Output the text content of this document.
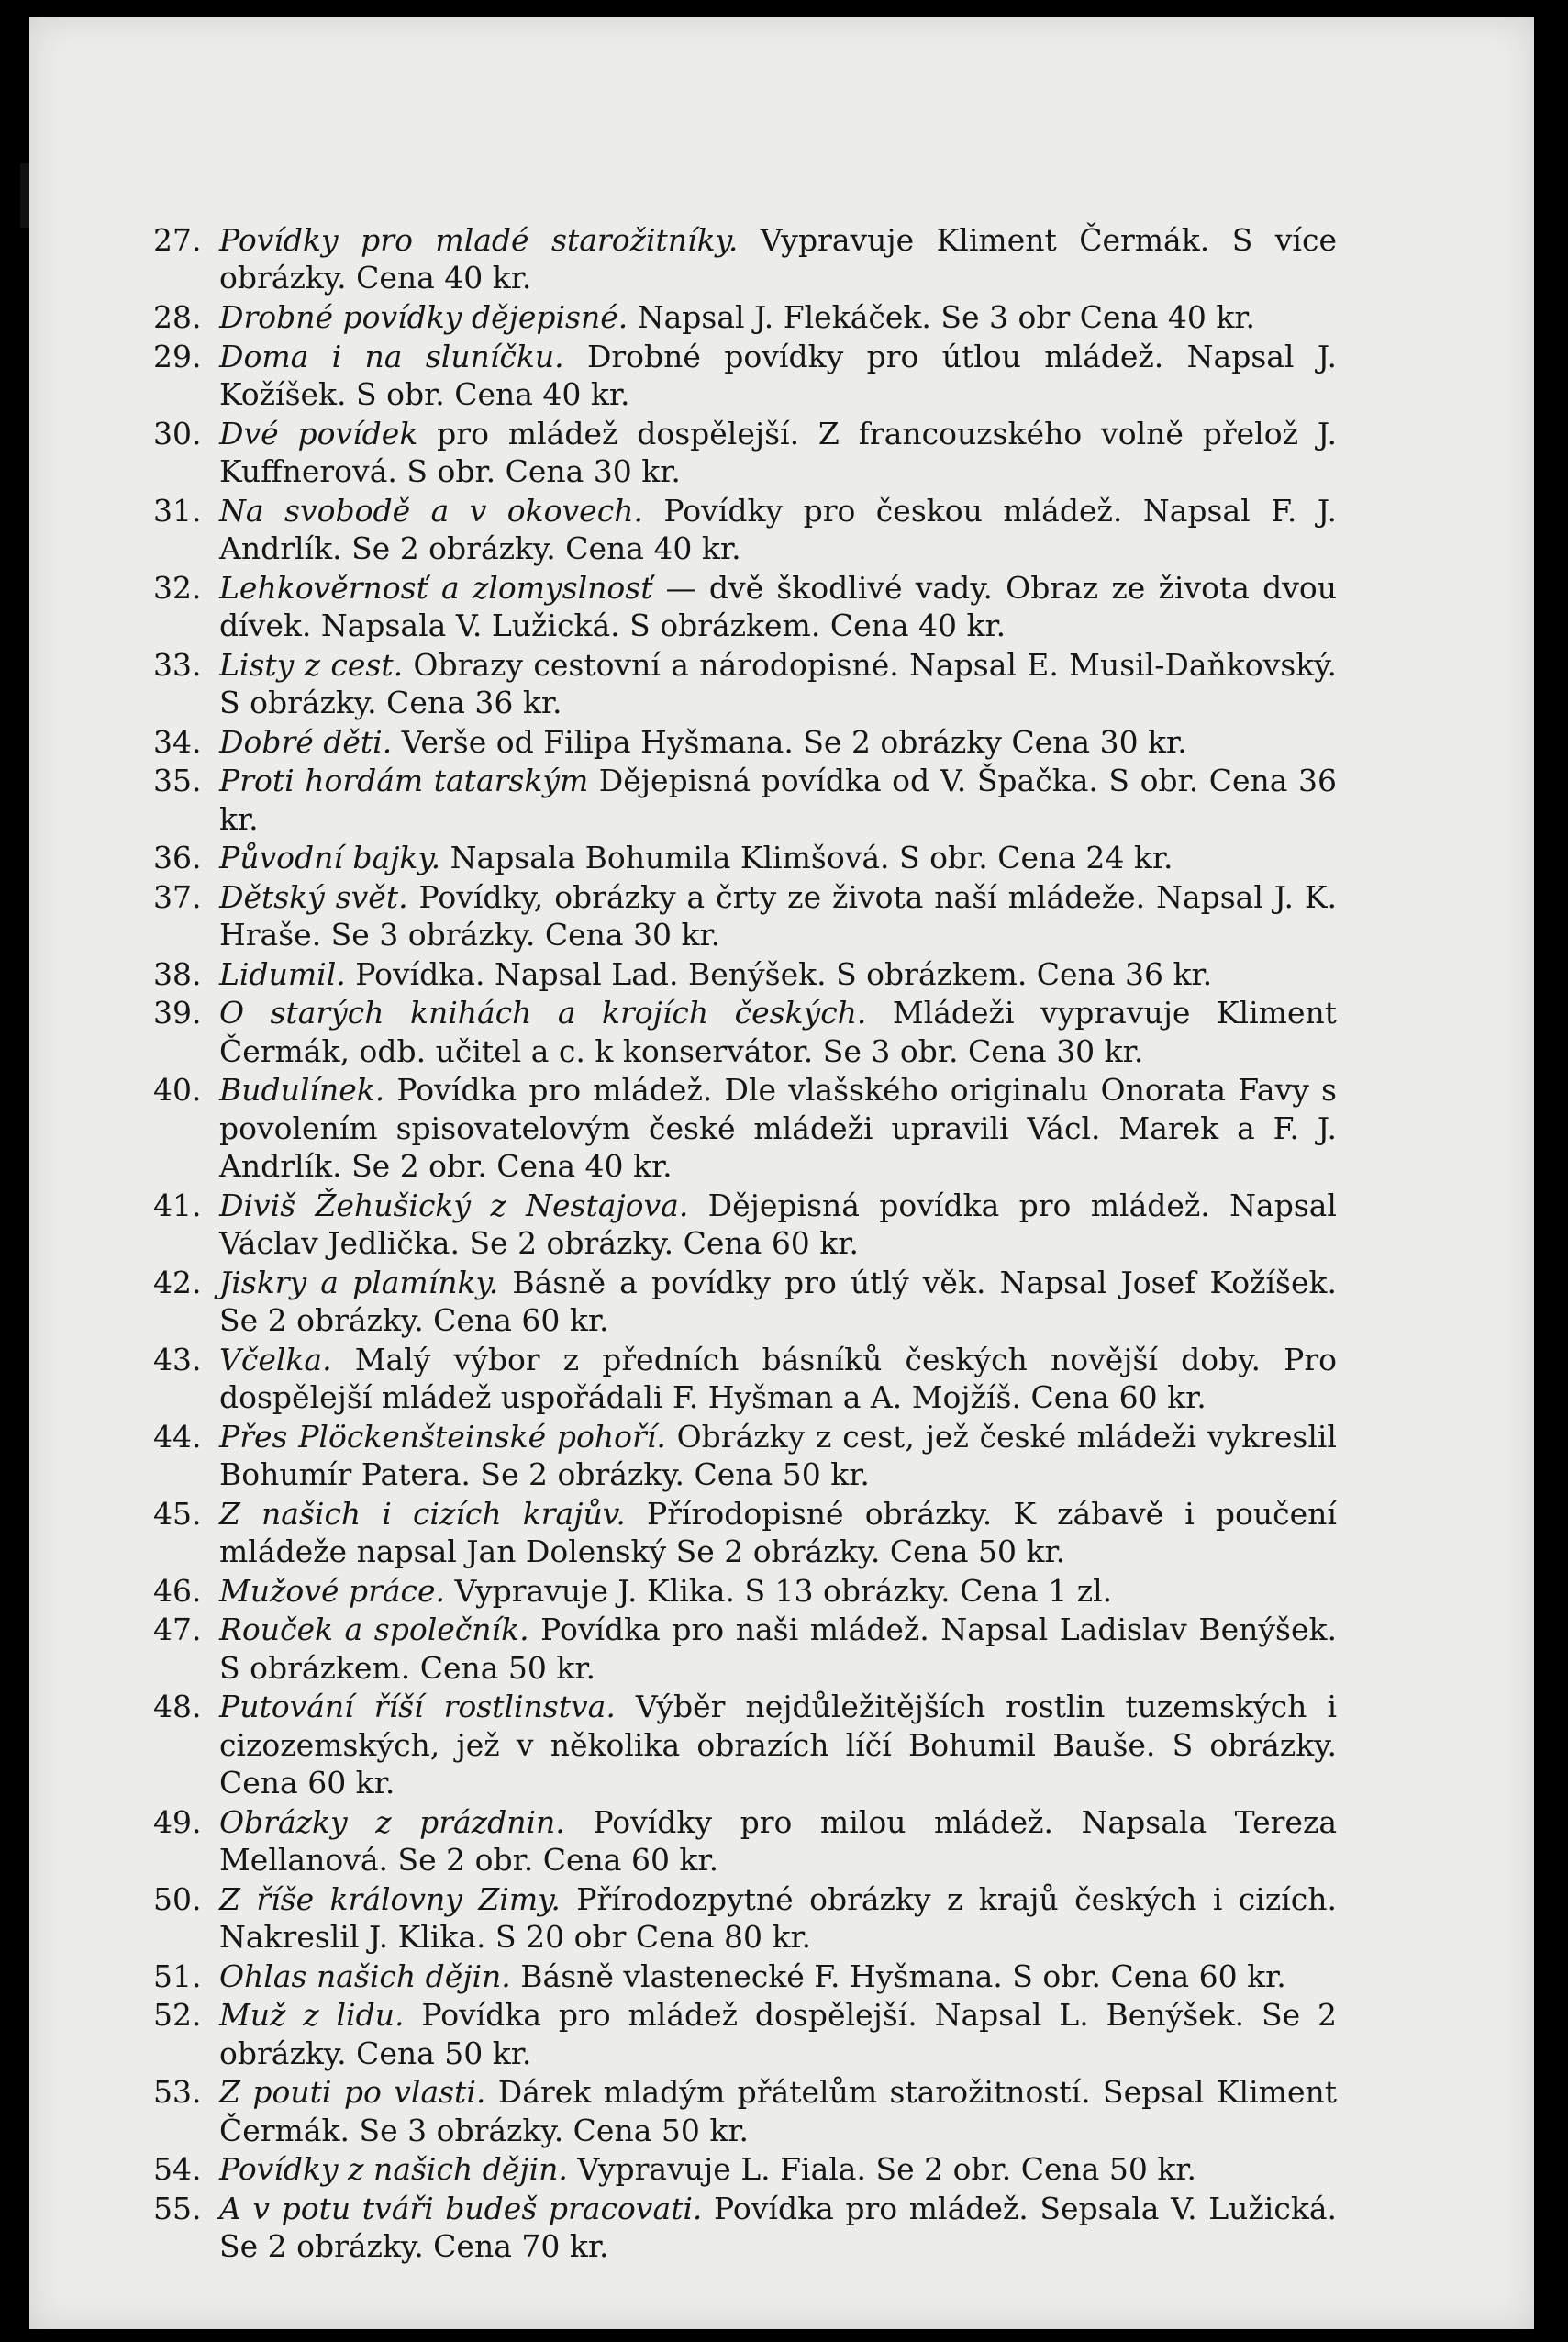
27. Povídky pro mladé starožitníky. Vypravuje Kliment Čermák. S více obrázky. Cena 40 kr.
28. Drobné povídky dějepisné. Napsal J. Flekáček. Se 3 obr Cena 40 kr.
29. Doma i na sluníčku. Drobné povídky pro útlou mládež. Napsal J. Kožíšek. S obr. Cena 40 kr.
30. Dvé povídek pro mládež dospělejší. Z francouzského volně přelož J. Kuffnerová. S obr. Cena 30 kr.
31. Na svobodě a v okovech. Povídky pro českou mládež. Napsal F. J. Andrlík. Se 2 obrázky. Cena 40 kr.
32. Lehkověrnosť a zlomyslnosť — dvě škodlivé vady. Obraz ze života dvou dívek. Napsala V. Lužická. S obrázkem. Cena 40 kr.
33. Listy z cest. Obrazy cestovní a národopisné. Napsal E. Musil-Daňkovský. S obrázky. Cena 36 kr.
34. Dobré děti. Verše od Filipa Hyšmana. Se 2 obrázky Cena 30 kr.
35. Proti hordám tatarským Dějepisná povídka od V. Špačka. S obr. Cena 36 kr.
36. Původní bajky. Napsala Bohumila Klimšová. S obr. Cena 24 kr.
37. Dětský svět. Povídky, obrázky a črty ze života naší mládeže. Napsal J. K. Hraše. Se 3 obrázky. Cena 30 kr.
38. Lidumil. Povídka. Napsal Lad. Benýšek. S obrázkem. Cena 36 kr.
39. O starých knihách a krojích českých. Mládeži vypravuje Kliment Čermák, odb. učitel a c. k konservátor. Se 3 obr. Cena 30 kr.
40. Budulínek. Povídka pro mládež. Dle vlašského originalu Onorata Favy s povolením spisovatelovým české mládeži upravili Václ. Marek a F. J. Andrlík. Se 2 obr. Cena 40 kr.
41. Diviš Žehušický z Nestajova. Dějepisná povídka pro mládež. Napsal Václav Jedlička. Se 2 obrázky. Cena 60 kr.
42. Jiskry a plamínky. Básně a povídky pro útlý věk. Napsal Josef Kožíšek. Se 2 obrázky. Cena 60 kr.
43. Včelka. Malý výbor z předních básníků českých novější doby. Pro dospělejší mládež uspořádali F. Hyšman a A. Mojžíš. Cena 60 kr.
44. Přes Plöckenšteinské pohoří. Obrázky z cest, jež české mládeži vykreslil Bohumír Patera. Se 2 obrázky. Cena 50 kr.
45. Z našich i cizích krajův. Přírodopisné obrázky. K zábavě i poučení mládeže napsal Jan Dolenský Se 2 obrázky. Cena 50 kr.
46. Mužové práce. Vypravuje J. Klika. S 13 obrázky. Cena 1 zl.
47. Rouček a společník. Povídka pro naši mládež. Napsal Ladislav Benýšek. S obrázkem. Cena 50 kr.
48. Putování říší rostlinstva. Výběr nejdůležitějších rostlin tuzemských i cizozemských, jež v několika obrazích líčí Bohumil Bauše. S obrázky. Cena 60 kr.
49. Obrázky z prázdnin. Povídky pro milou mládež. Napsala Tereza Mellanová. Se 2 obr. Cena 60 kr.
50. Z říše královny Zimy. Přírodozpytné obrázky z krajů českých i cizích. Nakreslil J. Klika. S 20 obr Cena 80 kr.
51. Ohlas našich dějin. Básně vlastenecké F. Hyšmana. S obr. Cena 60 kr.
52. Muž z lidu. Povídka pro mládež dospělejší. Napsal L. Benýšek. Se 2 obrázky. Cena 50 kr.
53. Z pouti po vlasti. Dárek mladým přátelům starožitností. Sepsal Kliment Čermák. Se 3 obrázky. Cena 50 kr.
54. Povídky z našich dějin. Vypravuje L. Fiala. Se 2 obr. Cena 50 kr.
55. A v potu tváři budeš pracovati. Povídka pro mládež. Sepsala V. Lužická. Se 2 obrázky. Cena 70 kr.
